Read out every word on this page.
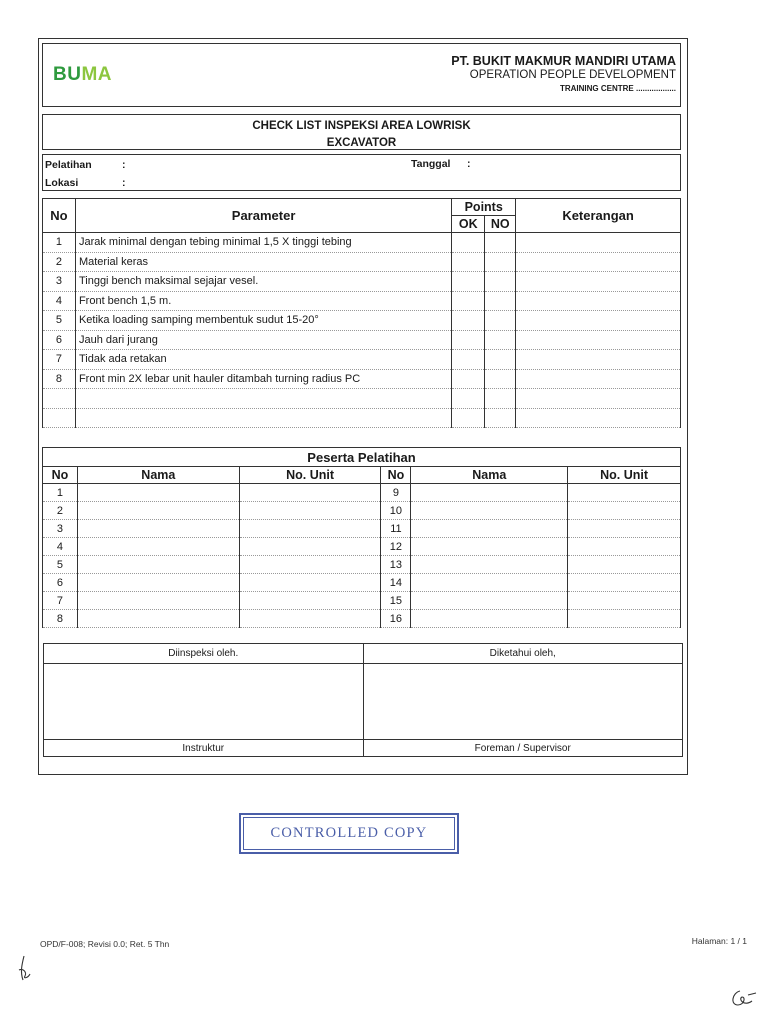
BUMA
PT. BUKIT MAKMUR MANDIRI UTAMA
OPERATION PEOPLE DEVELOPMENT
TRAINING CENTRE ..................
CHECK LIST INSPEKSI AREA LOWRISK
EXCAVATOR
Pelatihan	:
Lokasi	:
Tanggal :
No	Parameter	Points		Keterangan
		OK	NO	
1	Jarak minimal dengan tebing minimal 1,5 X tinggi tebing			
2	Material keras			
3	Tinggi bench maksimal sejajar vesel.			
4	Front bench 1,5 m.			
5	Ketika loading samping membentuk sudut 15-20°			
6	Jauh dari jurang			
7	Tidak ada retakan			
8	Front min 2X lebar unit hauler ditambah turning radius PC			

Peserta Pelatihan					
No	Nama	No. Unit	No	Nama	No. Unit
1			9		
2			10		
3			11		
4			12		
5			13		
6			14		
7			15		
8			16		
Diinspeksi oleh.	Diketahui oleh,

Instruktur	Foreman / Supervisor
CONTROLLED COPY
OPD/F-008; Revisi 0.0; Ret. 5 Thn	Halaman: 1 / 1
